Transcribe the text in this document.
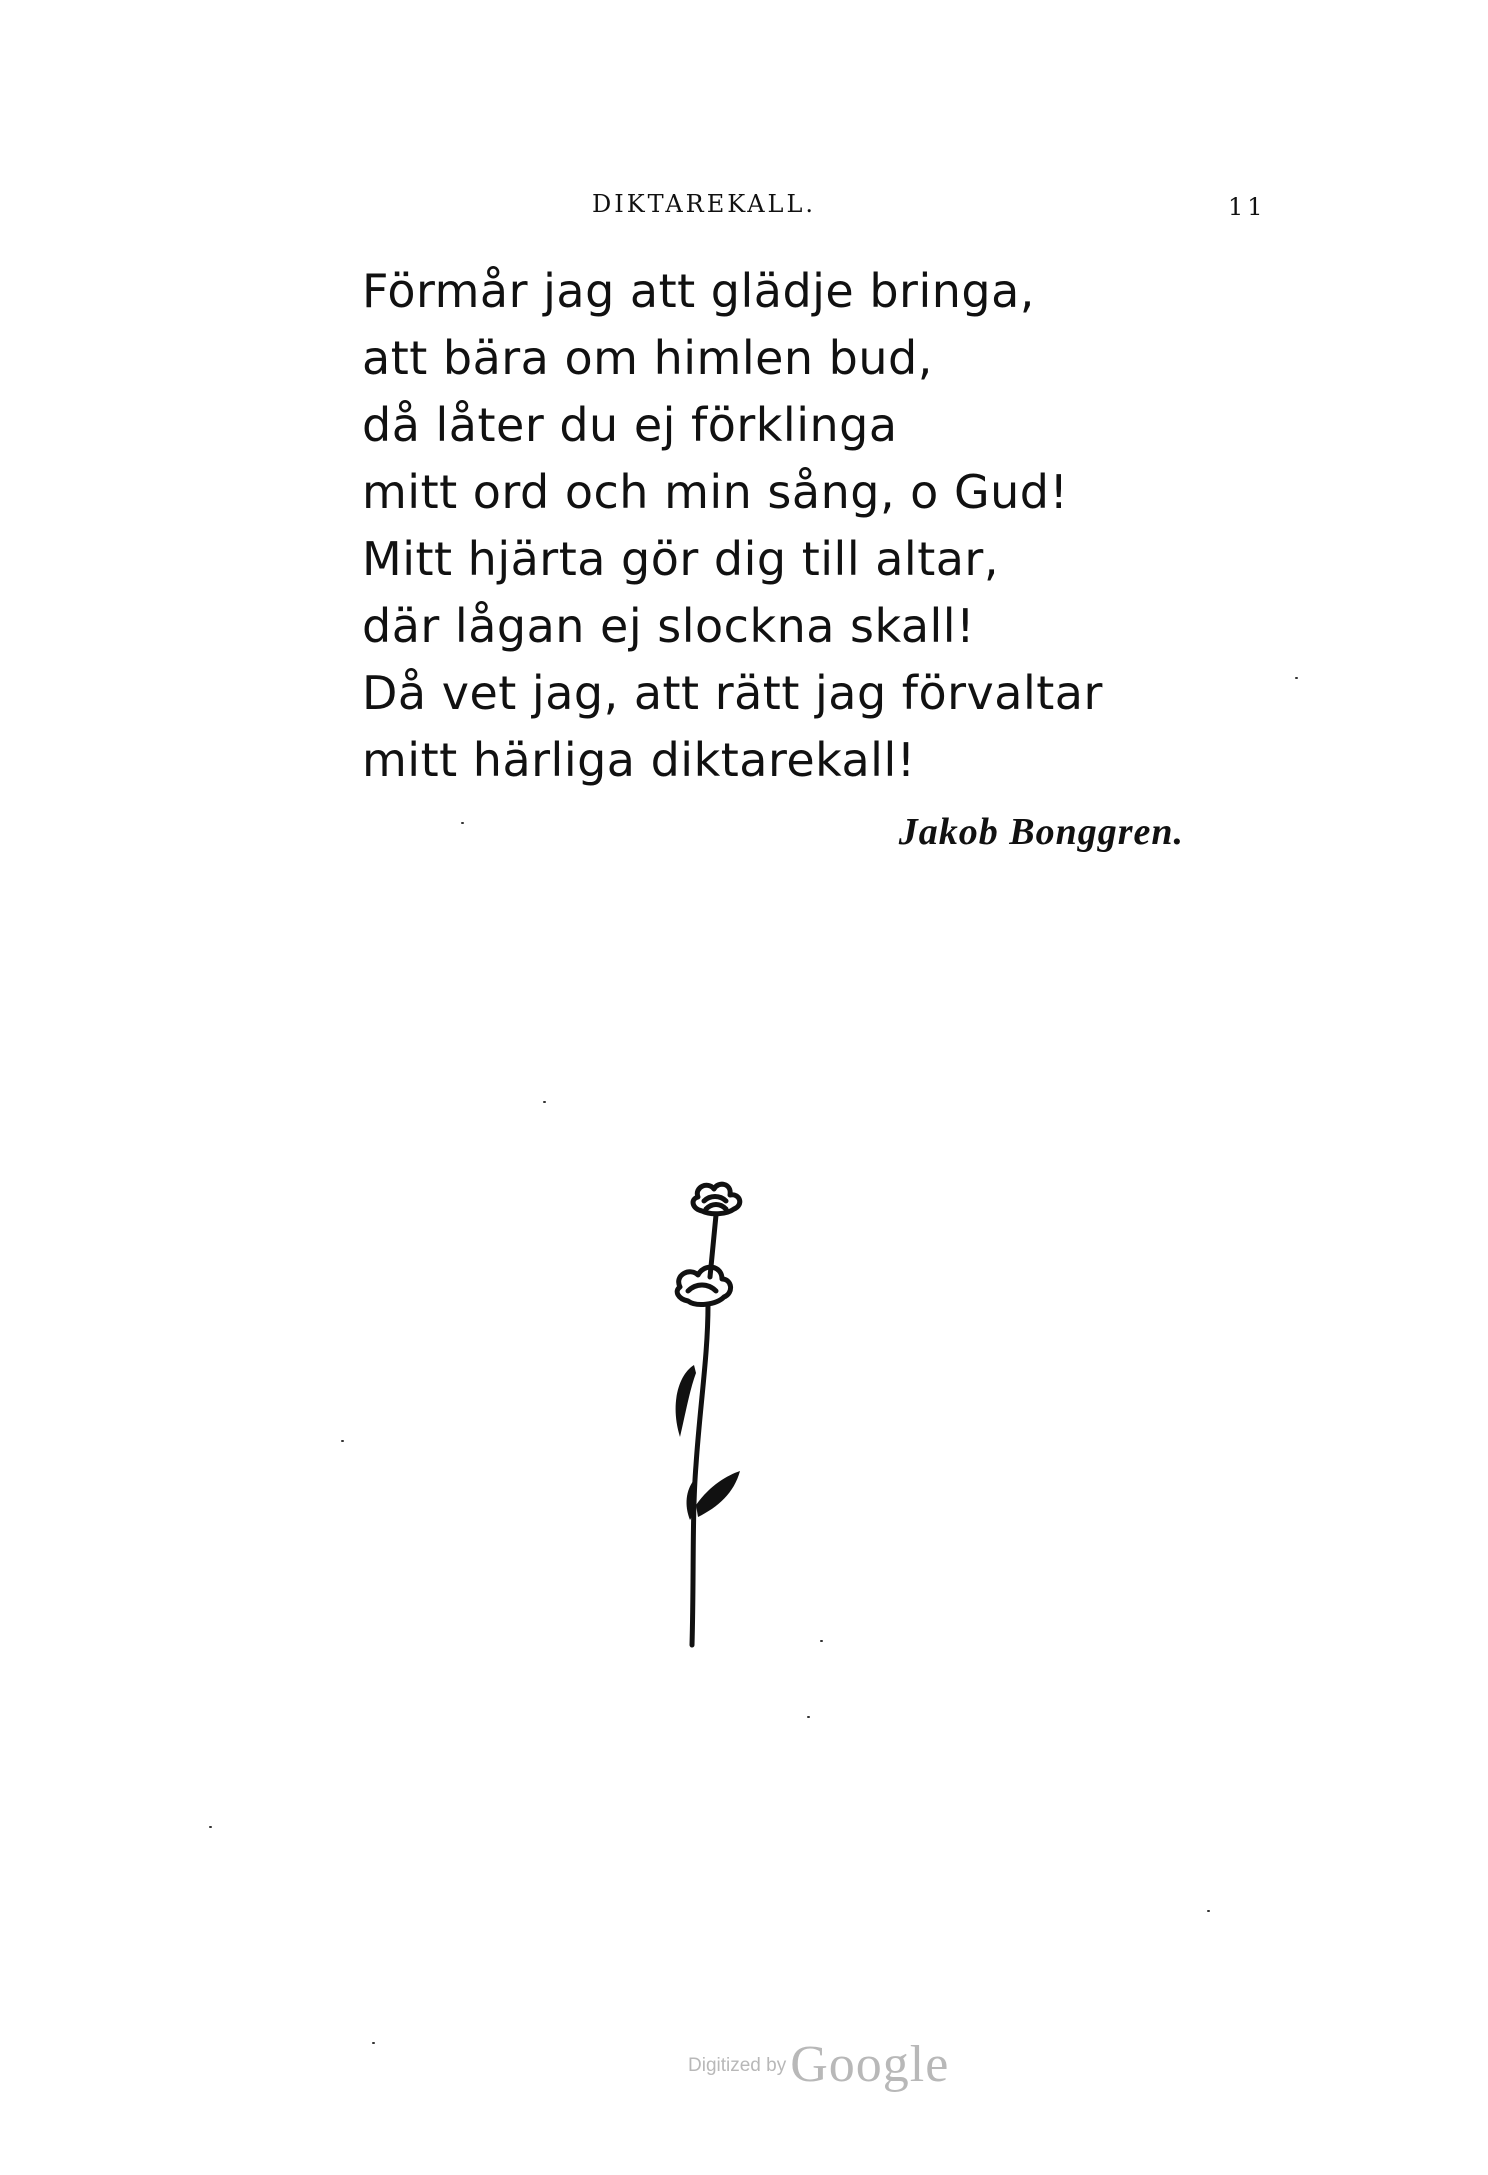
DIKTAREKALL.	11
Förmår jag att glädje bringa,
att bära om himlen bud,
då låter du ej förklinga
mitt ord och min sång, o Gud!
Mitt hjärta gör dig till altar,
där lågan ej slockna skall!
Då vet jag, att rätt jag förvaltar
mitt härliga diktarekall!
Jakob Bonggren.
Digitized by Google
